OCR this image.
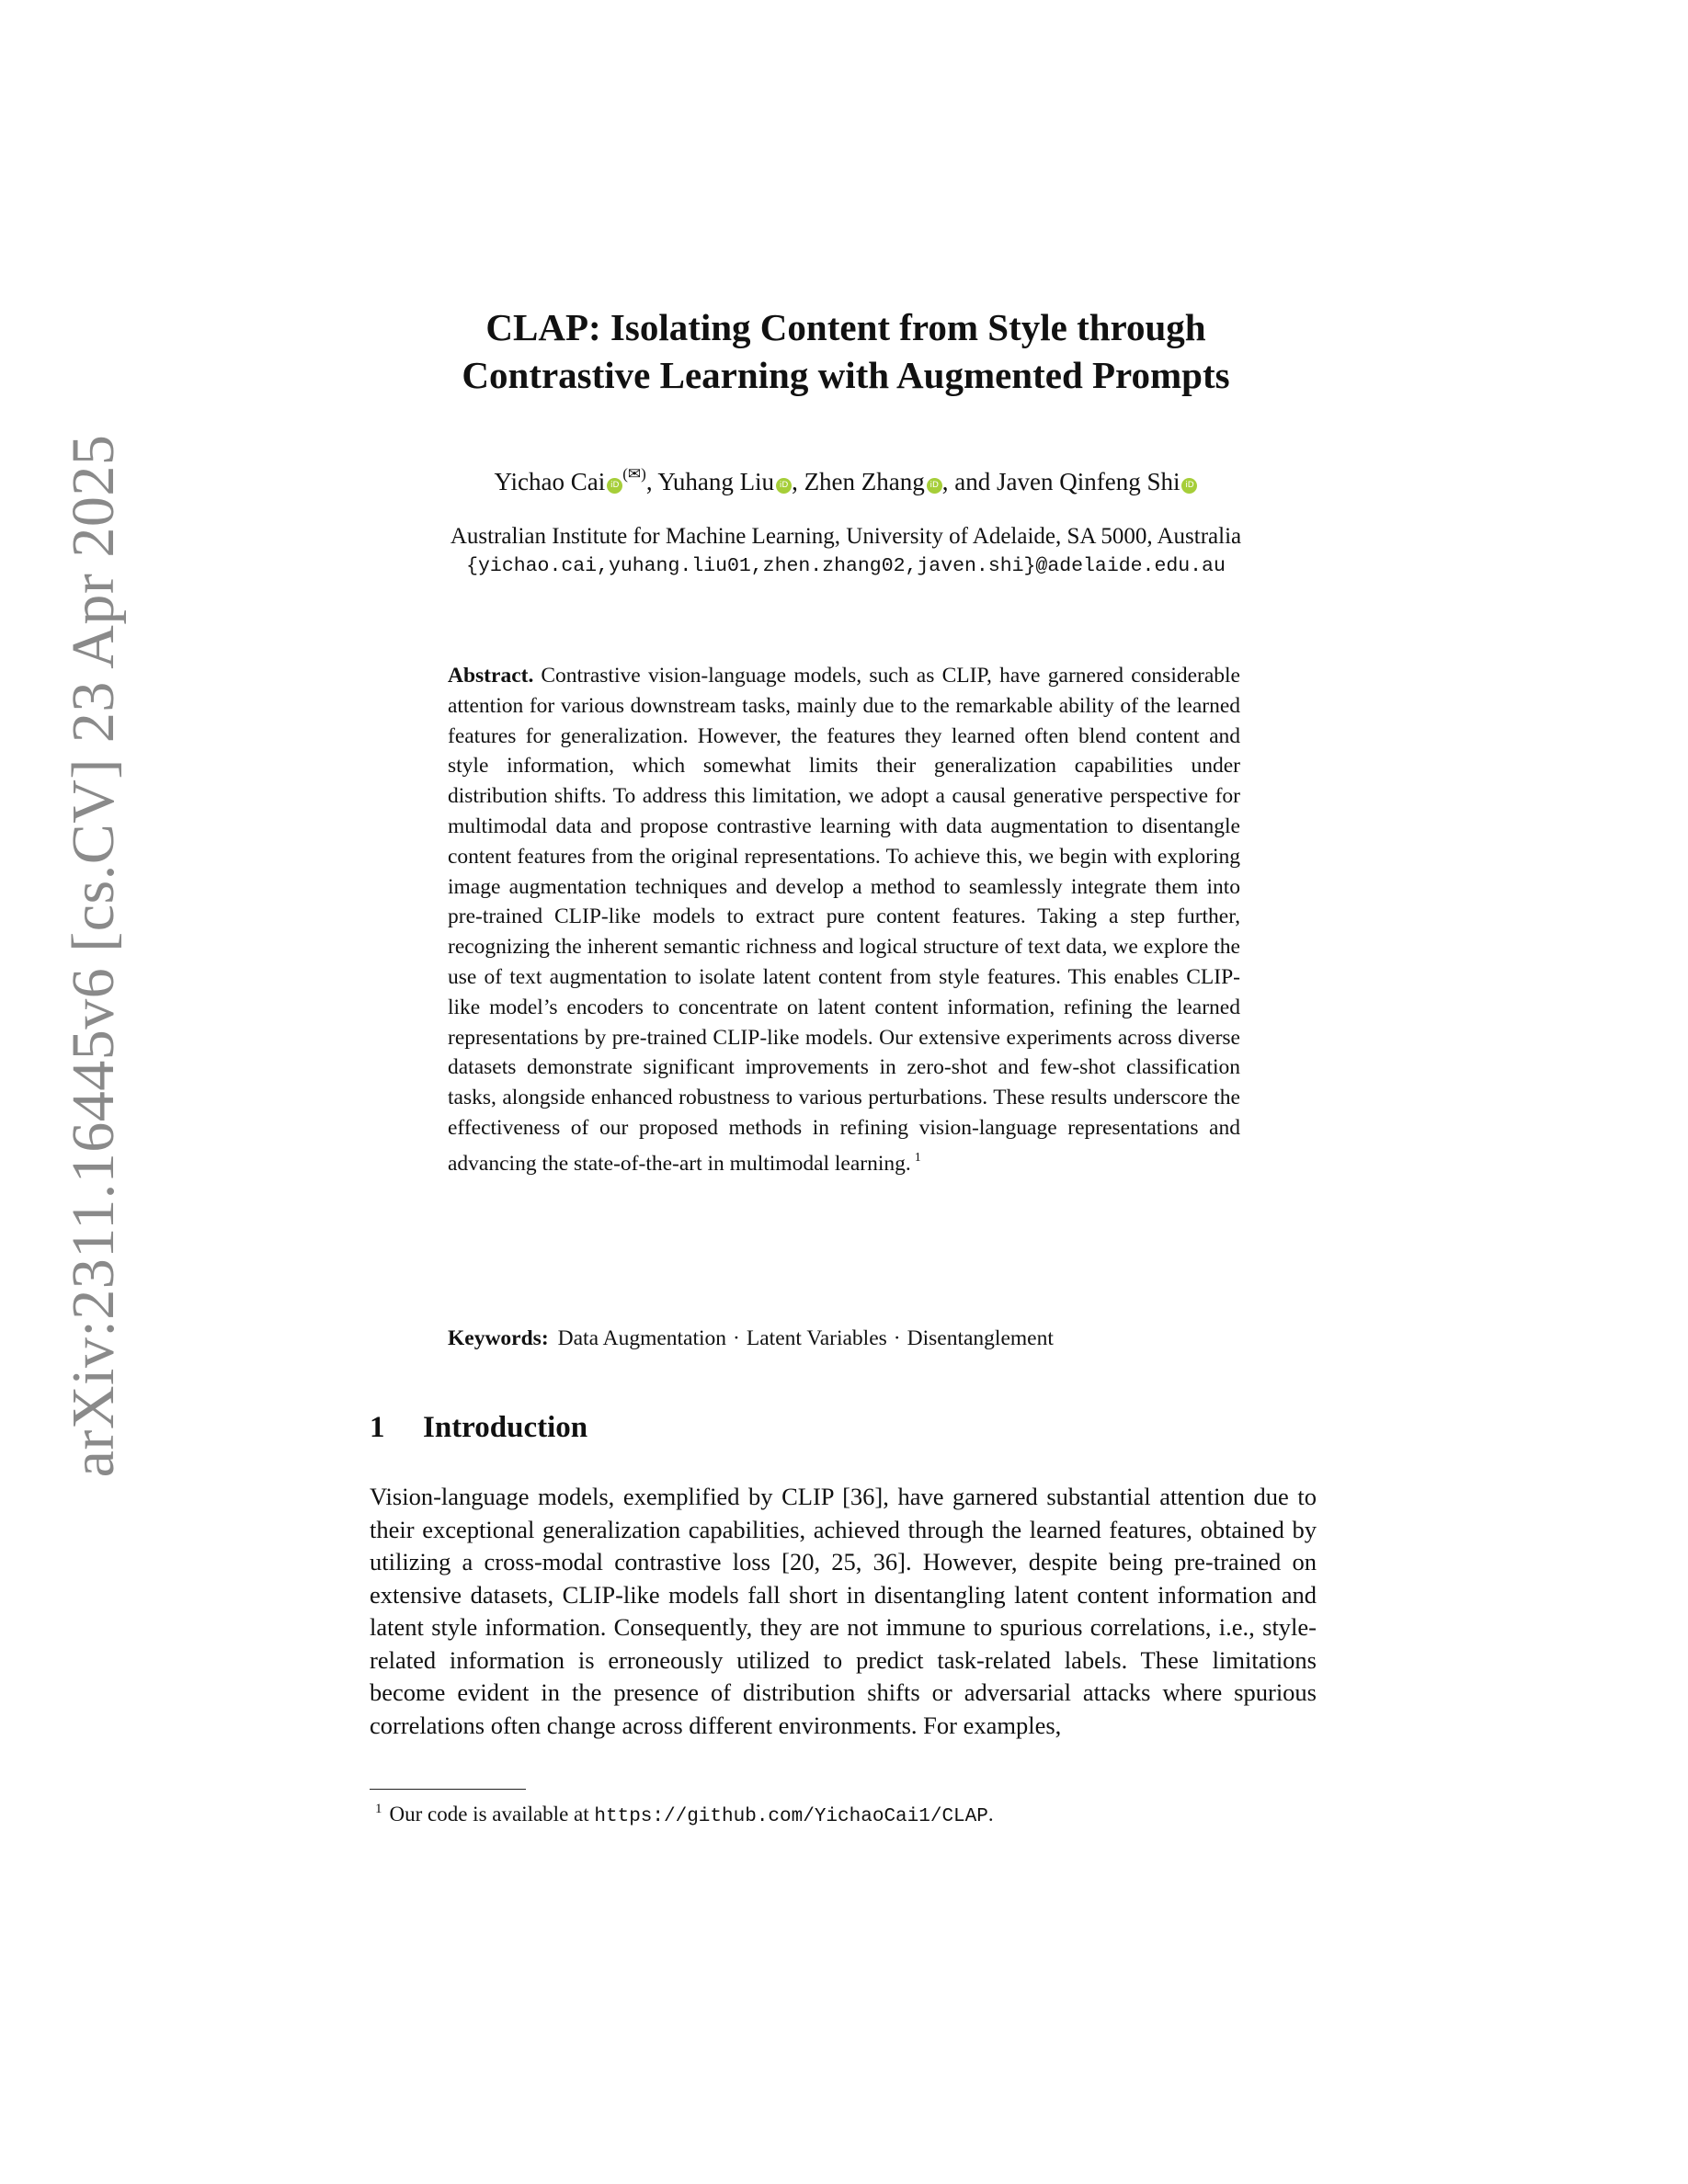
arXiv:2311.16445v6 [cs.CV] 23 Apr 2025
CLAP: Isolating Content from Style through
Contrastive Learning with Augmented Prompts
Yichao Cai iD(✉), Yuhang Liu iD , Zhen Zhang iD , and Javen Qinfeng Shi iD
Australian Institute for Machine Learning, University of Adelaide, SA 5000, Australia
{yichao.cai,yuhang.liu01,zhen.zhang02,javen.shi}@adelaide.edu.au
Abstract. Contrastive vision-language models, such as CLIP, have garnered considerable attention for various downstream tasks, mainly due to the remarkable ability of the learned features for generalization. However, the features they learned often blend content and style information, which somewhat limits their generalization capabilities under distribution shifts. To address this limitation, we adopt a causal generative perspective for multimodal data and propose contrastive learning with data augmentation to disentangle content features from the original representations. To achieve this, we begin with exploring image augmentation techniques and develop a method to seamlessly integrate them into pre-trained CLIP-like models to extract pure content features. Taking a step further, recognizing the inherent semantic richness and logical structure of text data, we explore the use of text augmentation to isolate latent content from style features. This enables CLIP-like model’s encoders to concentrate on latent content information, refining the learned representations by pre-trained CLIP-like models. Our extensive experiments across diverse datasets demonstrate significant improvements in zero-shot and few-shot classification tasks, alongside enhanced robustness to various perturbations. These results underscore the effectiveness of our proposed methods in refining vision-language representations and advancing the state-of-the-art in multimodal learning. $^1$
Keywords: Data Augmentation · Latent Variables · Disentanglement
1 Introduction
Vision-language models, exemplified by CLIP [36], have garnered substantial attention due to their exceptional generalization capabilities, achieved through the learned features, obtained by utilizing a cross-modal contrastive loss [20, 25, 36]. However, despite being pre-trained on extensive datasets, CLIP-like models fall short in disentangling latent content information and latent style information. Consequently, they are not immune to spurious correlations, i.e., style-related information is erroneously utilized to predict task-related labels. These limitations become evident in the presence of distribution shifts or adversarial attacks where spurious correlations often change across different environments. For examples,
$^1$ Our code is available at https://github.com/YichaoCai1/CLAP.
